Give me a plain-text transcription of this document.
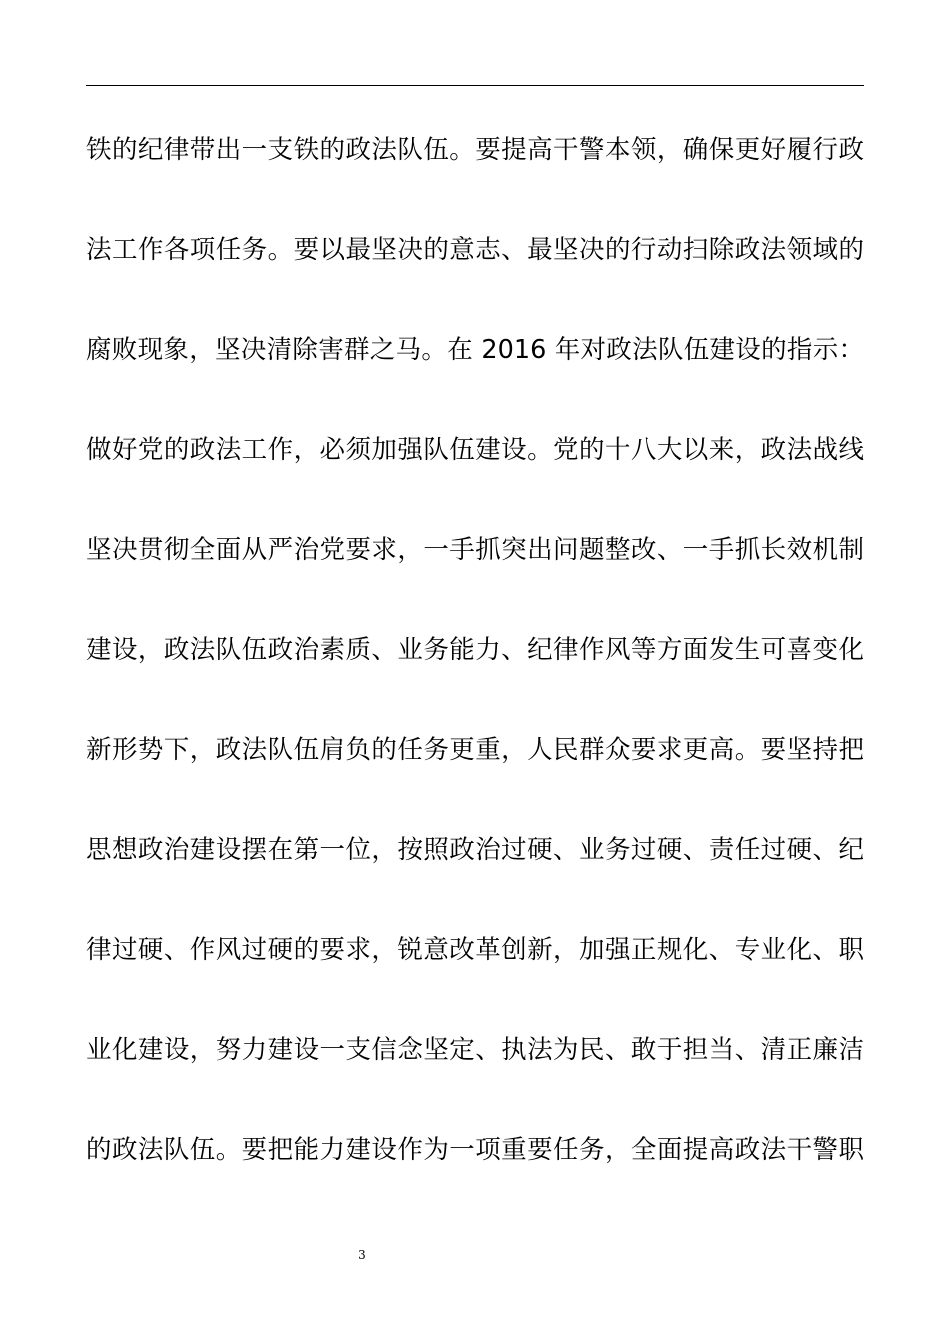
铁的纪律带出一支铁的政法队伍。要提高干警本领，确保更好履行政
法工作各项任务。要以最坚决的意志、最坚决的行动扫除政法领域的
腐败现象，坚决清除害群之马。在 2016 年对政法队伍建设的指示：
做好党的政法工作，必须加强队伍建设。党的十八大以来，政法战线
坚决贯彻全面从严治党要求，一手抓突出问题整改、一手抓长效机制
建设，政法队伍政治素质、业务能力、纪律作风等方面发生可喜变化
新形势下，政法队伍肩负的任务更重，人民群众要求更高。要坚持把
思想政治建设摆在第一位，按照政治过硬、业务过硬、责任过硬、纪
律过硬、作风过硬的要求，锐意改革创新，加强正规化、专业化、职
业化建设，努力建设一支信念坚定、执法为民、敢于担当、清正廉洁
的政法队伍。要把能力建设作为一项重要任务，全面提高政法干警职
3
